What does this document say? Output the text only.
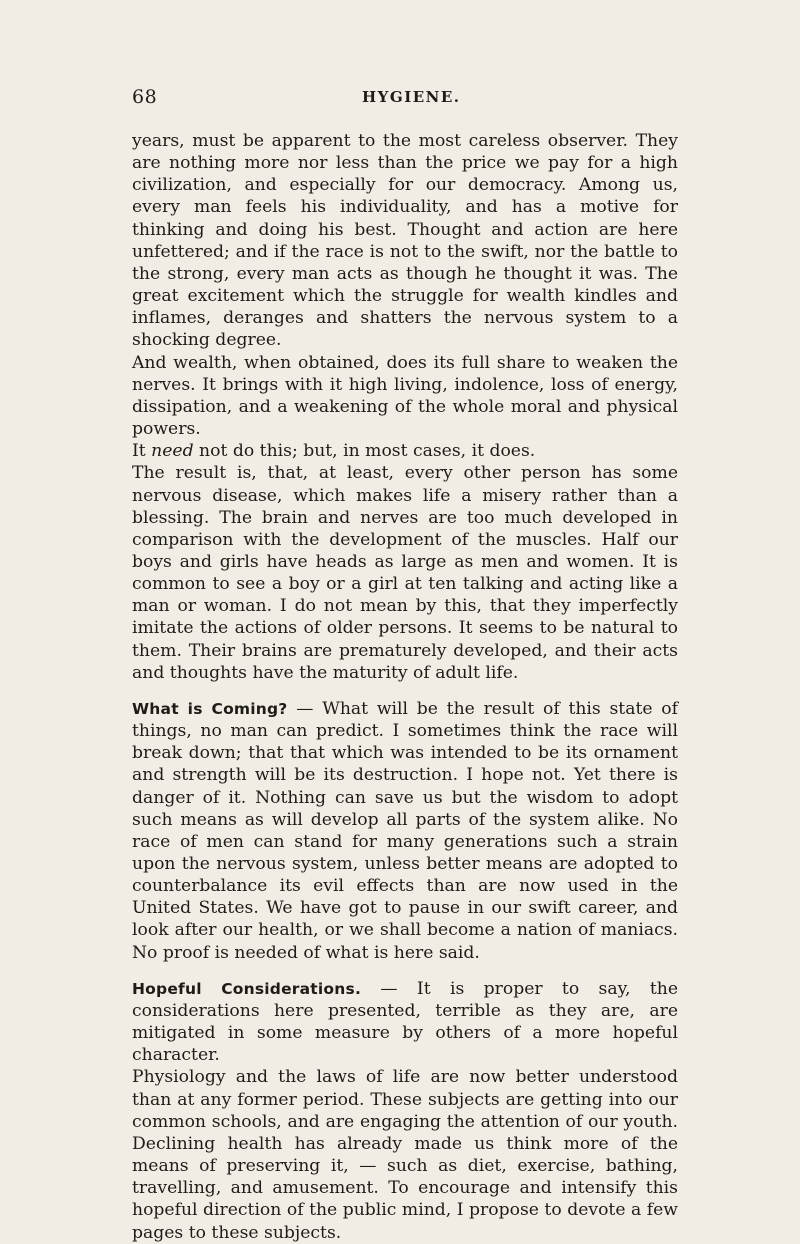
68	HYGIENE.

years, must be apparent to the most careless observer. They are nothing more nor less than the price we pay for a high civilization, and especially for our democracy. Among us, every man feels his individuality, and has a motive for thinking and doing his best. Thought and action are here unfettered; and if the race is not to the swift, nor the battle to the strong, every man acts as though he thought it was. The great excitement which the struggle for wealth kindles and inflames, deranges and shatters the nervous system to a shocking degree.

And wealth, when obtained, does its full share to weaken the nerves. It brings with it high living, indolence, loss of energy, dissipation, and a weakening of the whole moral and physical powers.

It need not do this; but, in most cases, it does.

The result is, that, at least, every other person has some nervous disease, which makes life a misery rather than a blessing. The brain and nerves are too much developed in comparison with the development of the muscles. Half our boys and girls have heads as large as men and women. It is common to see a boy or a girl at ten talking and acting like a man or woman. I do not mean by this, that they imperfectly imitate the actions of older persons. It seems to be natural to them. Their brains are prematurely developed, and their acts and thoughts have the maturity of adult life.

What is Coming? — What will be the result of this state of things, no man can predict. I sometimes think the race will break down; that that which was intended to be its ornament and strength will be its destruction. I hope not. Yet there is danger of it. Nothing can save us but the wisdom to adopt such means as will develop all parts of the system alike. No race of men can stand for many generations such a strain upon the nervous system, unless better means are adopted to counterbalance its evil effects than are now used in the United States. We have got to pause in our swift career, and look after our health, or we shall become a nation of maniacs. No proof is needed of what is here said.

Hopeful Considerations. — It is proper to say, the considerations here presented, terrible as they are, are mitigated in some measure by others of a more hopeful character.

Physiology and the laws of life are now better understood than at any former period. These subjects are getting into our common schools, and are engaging the attention of our youth. Declining health has already made us think more of the means of preserving it, — such as diet, exercise, bathing, travelling, and amusement. To encourage and intensify this hopeful direction of the public mind, I propose to devote a few pages to these subjects.
